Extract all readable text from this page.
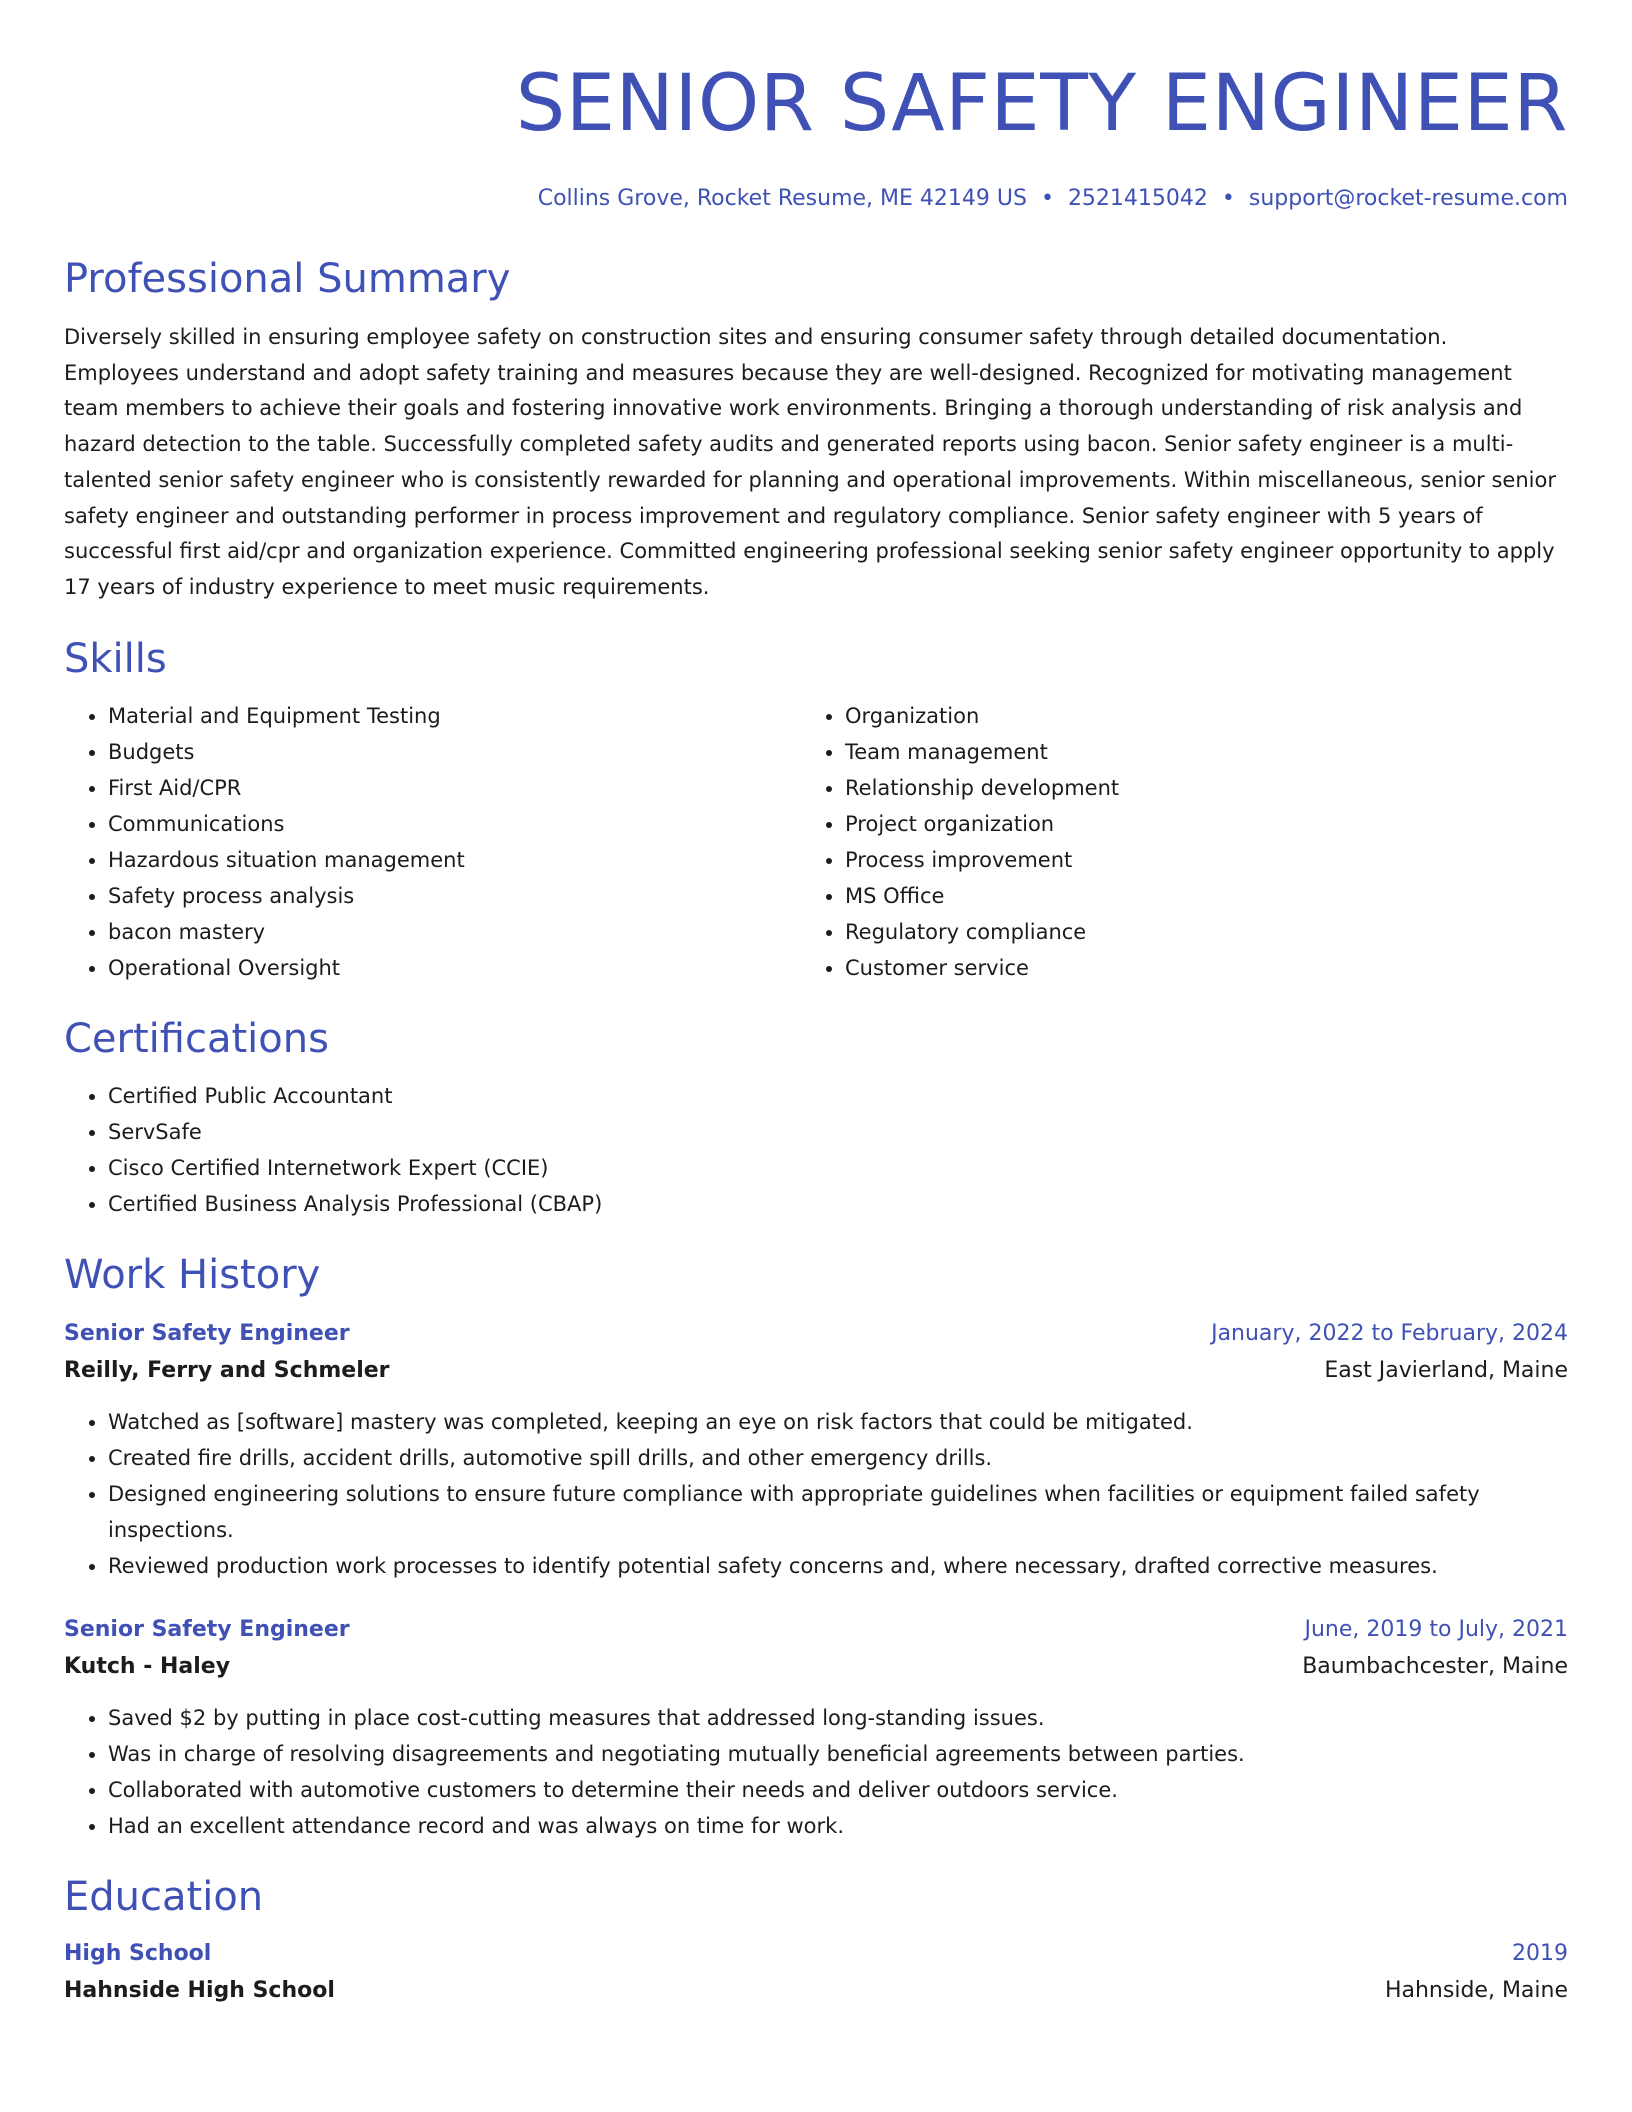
SENIOR SAFETY ENGINEER
Collins Grove, Rocket Resume, ME 42149 US • 2521415042 • support@rocket-resume.com
Professional Summary

Diversely skilled in ensuring employee safety on construction sites and ensuring consumer safety through detailed documentation. Employees understand and adopt safety training and measures because they are well-designed. Recognized for motivating management team members to achieve their goals and fostering innovative work environments. Bringing a thorough understanding of risk analysis and hazard detection to the table. Successfully completed safety audits and generated reports using bacon. Senior safety engineer is a multi-talented senior safety engineer who is consistently rewarded for planning and operational improvements. Within miscellaneous, senior senior safety engineer and outstanding performer in process improvement and regulatory compliance. Senior safety engineer with 5 years of successful first aid/cpr and organization experience. Committed engineering professional seeking senior safety engineer opportunity to apply 17 years of industry experience to meet music requirements.

Skills
• Material and Equipment Testing
• Budgets
• First Aid/CPR
• Communications
• Hazardous situation management
• Safety process analysis
• bacon mastery
• Operational Oversight
• Organization
• Team management
• Relationship development
• Project organization
• Process improvement
• MS Office
• Regulatory compliance
• Customer service
Certifications
• Certified Public Accountant
• ServSafe
• Cisco Certified Internetwork Expert (CCIE)
• Certified Business Analysis Professional (CBAP)
Work History
Senior Safety Engineer	January, 2022 to February, 2024
Reilly, Ferry and Schmeler	East Javierland, Maine
• Watched as [software] mastery was completed, keeping an eye on risk factors that could be mitigated.
• Created fire drills, accident drills, automotive spill drills, and other emergency drills.
• Designed engineering solutions to ensure future compliance with appropriate guidelines when facilities or equipment failed safety inspections.
• Reviewed production work processes to identify potential safety concerns and, where necessary, drafted corrective measures.
Senior Safety Engineer	June, 2019 to July, 2021
Kutch - Haley	Baumbachcester, Maine
• Saved $2 by putting in place cost-cutting measures that addressed long-standing issues.
• Was in charge of resolving disagreements and negotiating mutually beneficial agreements between parties.
• Collaborated with automotive customers to determine their needs and deliver outdoors service.
• Had an excellent attendance record and was always on time for work.
Education
High School	2019
Hahnside High School	Hahnside, Maine
